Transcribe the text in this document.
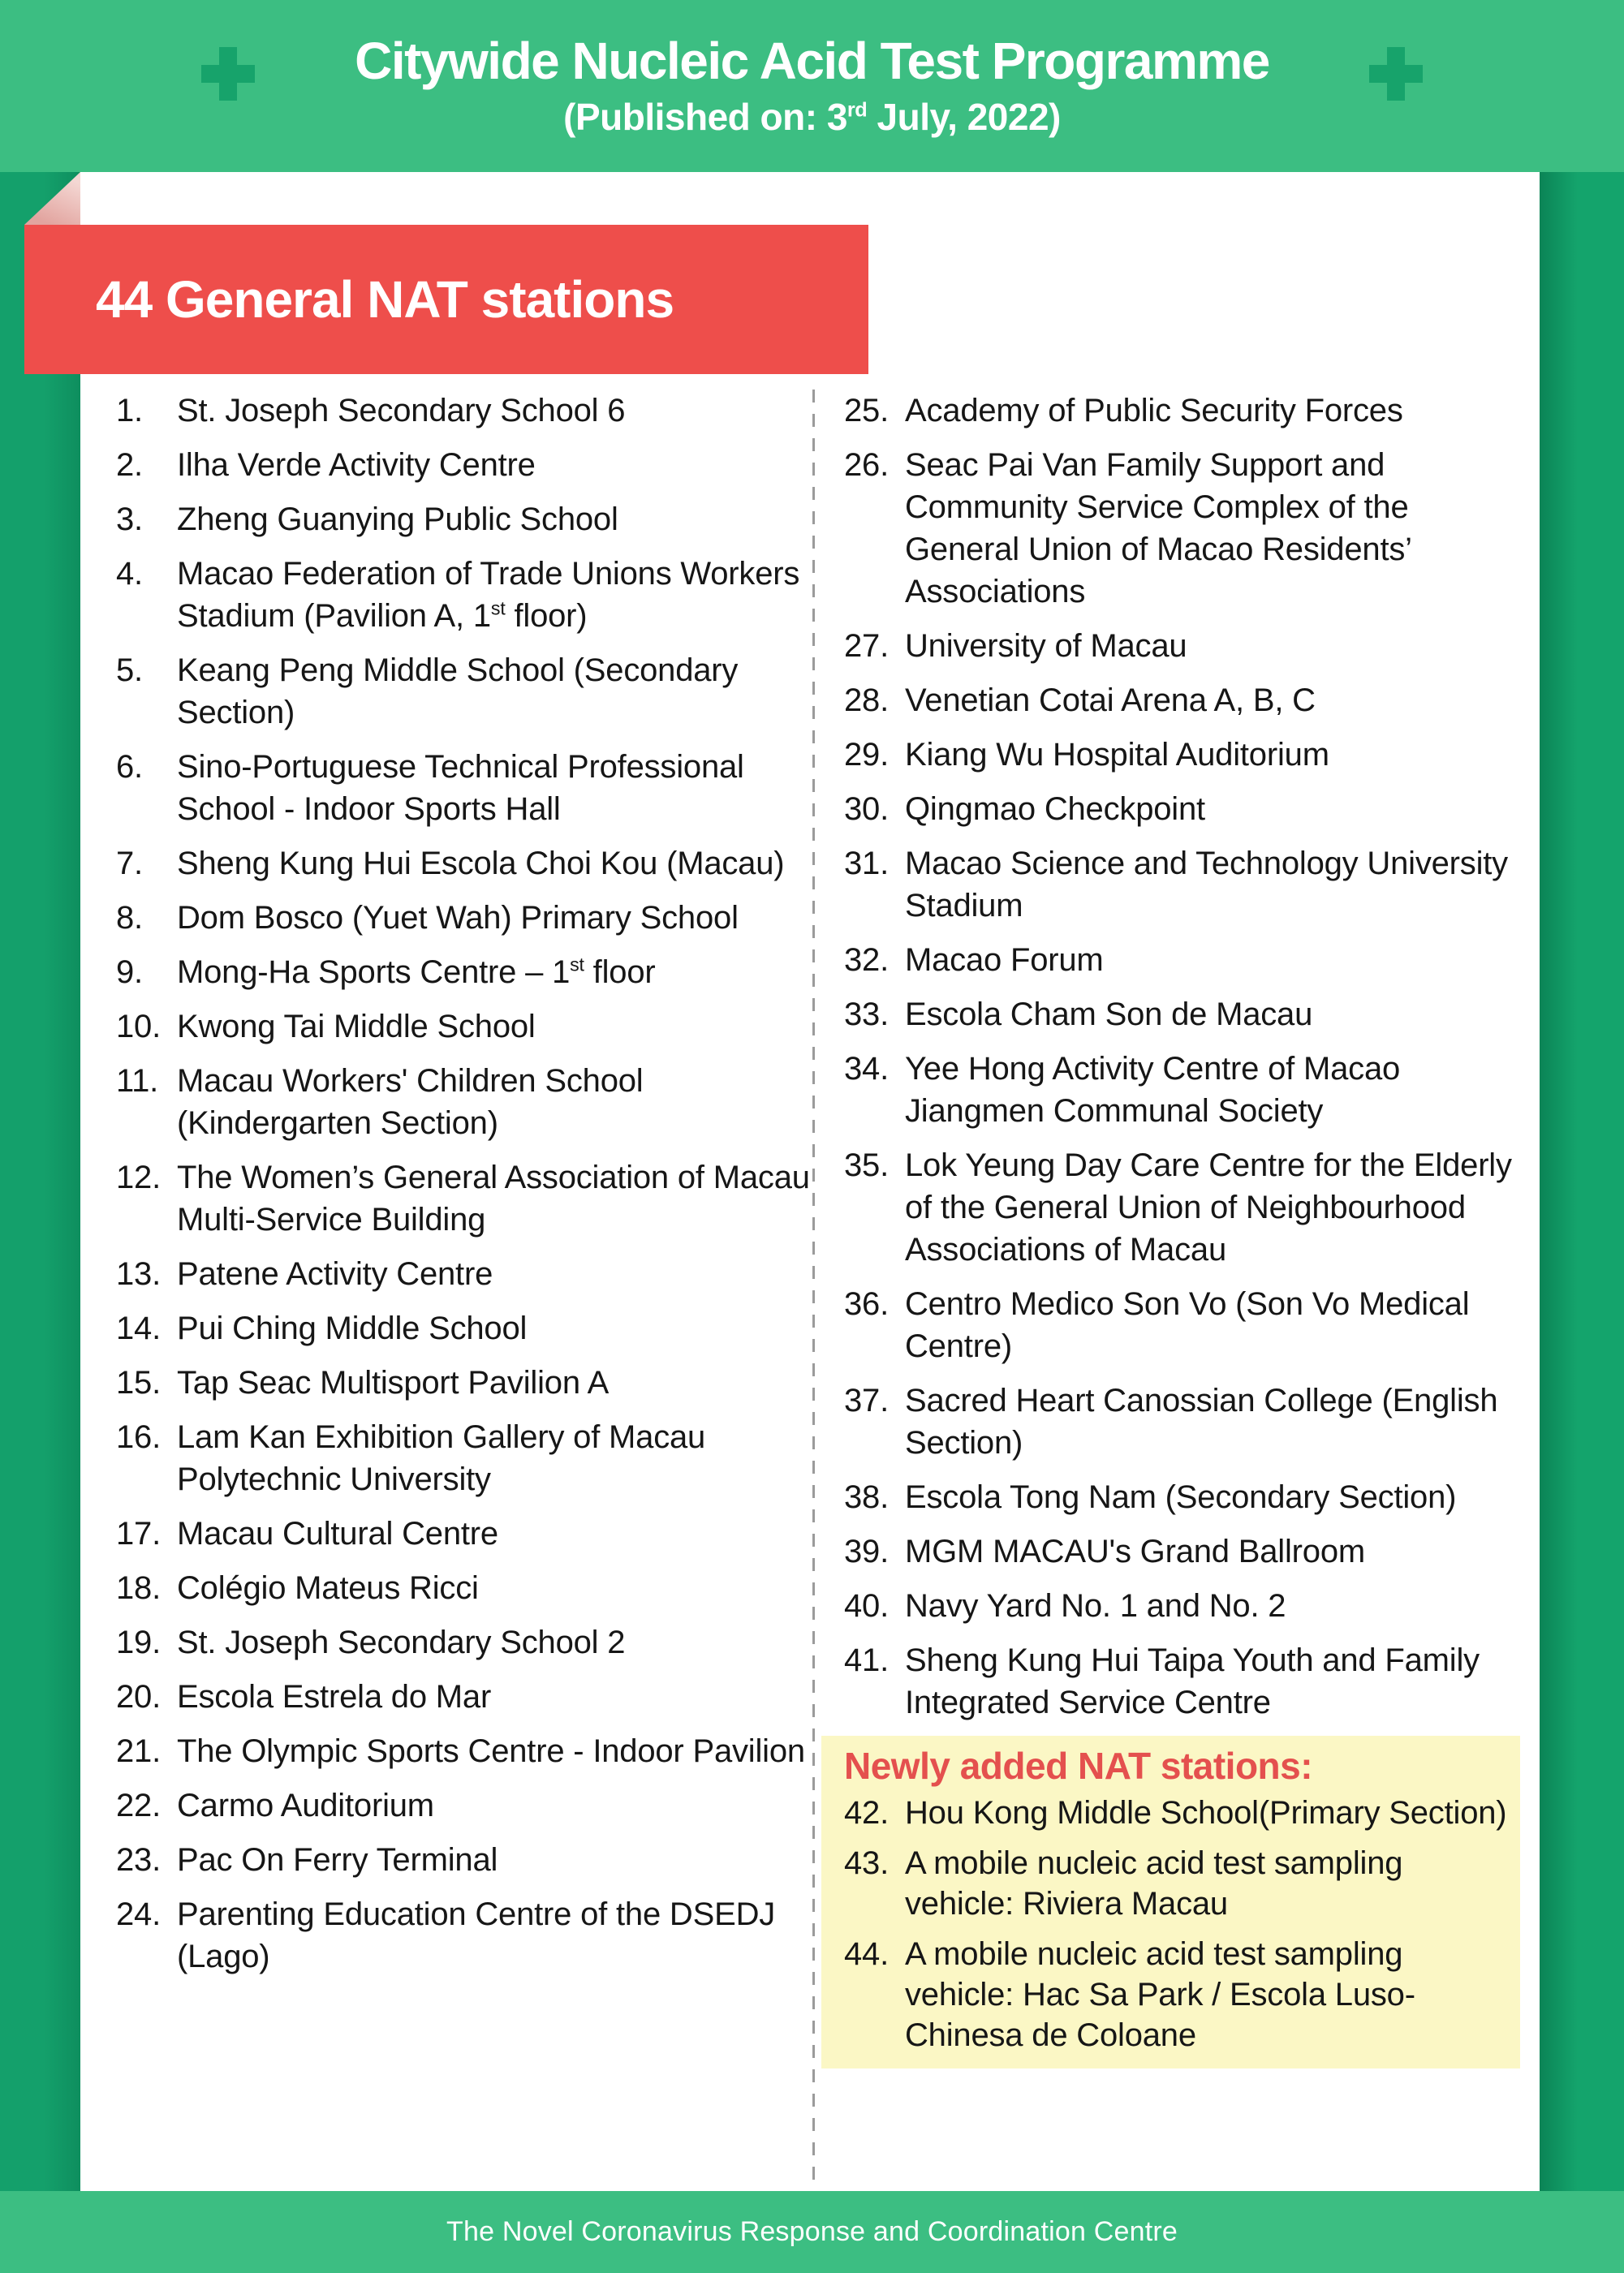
Citywide Nucleic Acid Test Programme
(Published on: 3rd July, 2022)
44 General NAT stations
1.	St. Joseph Secondary School 6
2.	Ilha Verde Activity Centre
3.	Zheng Guanying Public School
4.	Macao Federation of Trade Unions Workers Stadium (Pavilion A, 1st floor)
5.	Keang Peng Middle School (Secondary Section)
6.	Sino-Portuguese Technical Professional School - Indoor Sports Hall
7.	Sheng Kung Hui Escola Choi Kou (Macau)
8.	Dom Bosco (Yuet Wah) Primary School
9.	Mong-Ha Sports Centre – 1st floor
10. Kwong Tai Middle School
11. Macau Workers' Children School (Kindergarten Section)
12. The Women’s General Association of Macau Multi-Service Building
13. Patene Activity Centre
14. Pui Ching Middle School
15. Tap Seac Multisport Pavilion A
16. Lam Kan Exhibition Gallery of Macau Polytechnic University
17. Macau Cultural Centre
18. Colégio Mateus Ricci
19. St. Joseph Secondary School 2
20. Escola Estrela do Mar
21. The Olympic Sports Centre - Indoor Pavilion
22. Carmo Auditorium
23. Pac On Ferry Terminal
24. Parenting Education Centre of the DSEDJ (Lago)
25. Academy of Public Security Forces
26. Seac Pai Van Family Support and Community Service Complex of the General Union of Macao Residents’ Associations
27. University of Macau
28. Venetian Cotai Arena A, B, C
29. Kiang Wu Hospital Auditorium
30. Qingmao Checkpoint
31. Macao Science and Technology University Stadium
32. Macao Forum
33. Escola Cham Son de Macau
34. Yee Hong Activity Centre of Macao Jiangmen Communal Society
35. Lok Yeung Day Care Centre for the Elderly of the General Union of Neighbourhood Associations of Macau
36. Centro Medico Son Vo (Son Vo Medical Centre)
37. Sacred Heart Canossian College (English Section)
38. Escola Tong Nam (Secondary Section)
39. MGM MACAU's Grand Ballroom
40. Navy Yard No. 1 and No. 2
41. Sheng Kung Hui Taipa Youth and Family Integrated Service Centre
Newly added NAT stations:
42. Hou Kong Middle School(Primary Section)
43. A mobile nucleic acid test sampling vehicle: Riviera Macau
44. A mobile nucleic acid test sampling vehicle: Hac Sa Park / Escola Luso-Chinesa de Coloane
The Novel Coronavirus Response and Coordination Centre
